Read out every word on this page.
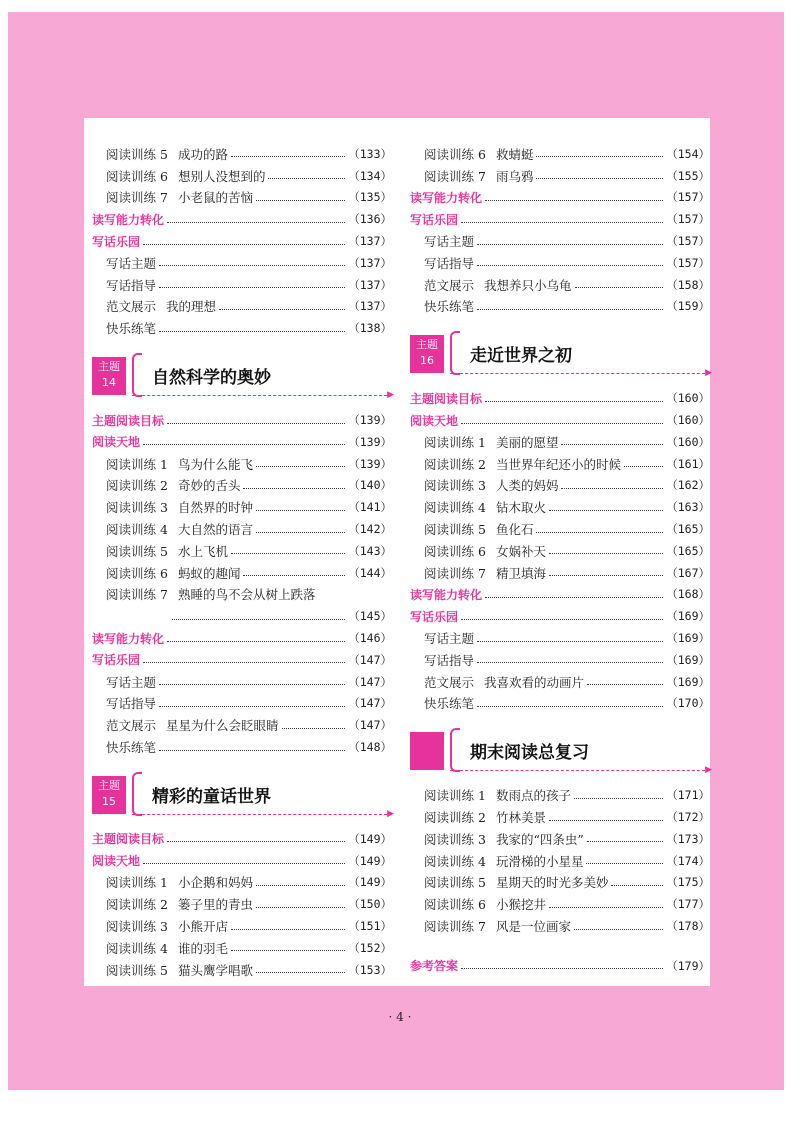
阅读训练 5 成功的路	（133）
阅读训练 6 想别人没想到的	（134）
阅读训练 7 小老鼠的苦恼	（135）
读写能力转化	（136）
写话乐园	（137）
写话主题	（137）
写话指导	（137）
范文展示 我的理想	（137）
快乐练笔	（138）
主题
14	自然科学的奥妙
▶
主题阅读目标	（139）
阅读天地	（139）
阅读训练 1 鸟为什么能飞	（139）
阅读训练 2 奇妙的舌头	（140）
阅读训练 3 自然界的时钟	（141）
阅读训练 4 大自然的语言	（142）
阅读训练 5 水上飞机	（143）
阅读训练 6 蚂蚁的趣闻	（144）
阅读训练 7 熟睡的鸟不会从树上跌落
（145）
读写能力转化	（146）
写话乐园	（147）
写话主题	（147）
写话指导	（147）
范文展示 星星为什么会眨眼睛	（147）
快乐练笔	（148）
主题
15	精彩的童话世界
▶
主题阅读目标	（149）
阅读天地	（149）
阅读训练 1 小企鹅和妈妈	（149）
阅读训练 2 篓子里的青虫	（150）
阅读训练 3 小熊开店	（151）
阅读训练 4 谁的羽毛	（152）
阅读训练 5 猫头鹰学唱歌	（153）
阅读训练 6 救蜻蜓	（154）
阅读训练 7 雨乌鸦	（155）
读写能力转化	（157）
写话乐园	（157）
写话主题	（157）
写话指导	（157）
范文展示 我想养只小乌龟	（158）
快乐练笔	（159）
主题
16	走近世界之初
▶
主题阅读目标	（160）
阅读天地	（160）
阅读训练 1 美丽的愿望	（160）
阅读训练 2 当世界年纪还小的时候	（161）
阅读训练 3 人类的妈妈	（162）
阅读训练 4 钻木取火	（163）
阅读训练 5 鱼化石	（165）
阅读训练 6 女娲补天	（165）
阅读训练 7 精卫填海	（167）
读写能力转化	（168）
写话乐园	（169）
写话主题	（169）
写话指导	（169）
范文展示 我喜欢看的动画片	（169）
快乐练笔	（170）
期末阅读总复习
▶
阅读训练 1 数雨点的孩子	（171）
阅读训练 2 竹林美景	（172）
阅读训练 3 我家的“四条虫”	（173）
阅读训练 4 玩滑梯的小星星	（174）
阅读训练 5 星期天的时光多美妙	（175）
阅读训练 6 小猴挖井	（177）
阅读训练 7 风是一位画家	（178）
参考答案	（179）
· 4 ·
